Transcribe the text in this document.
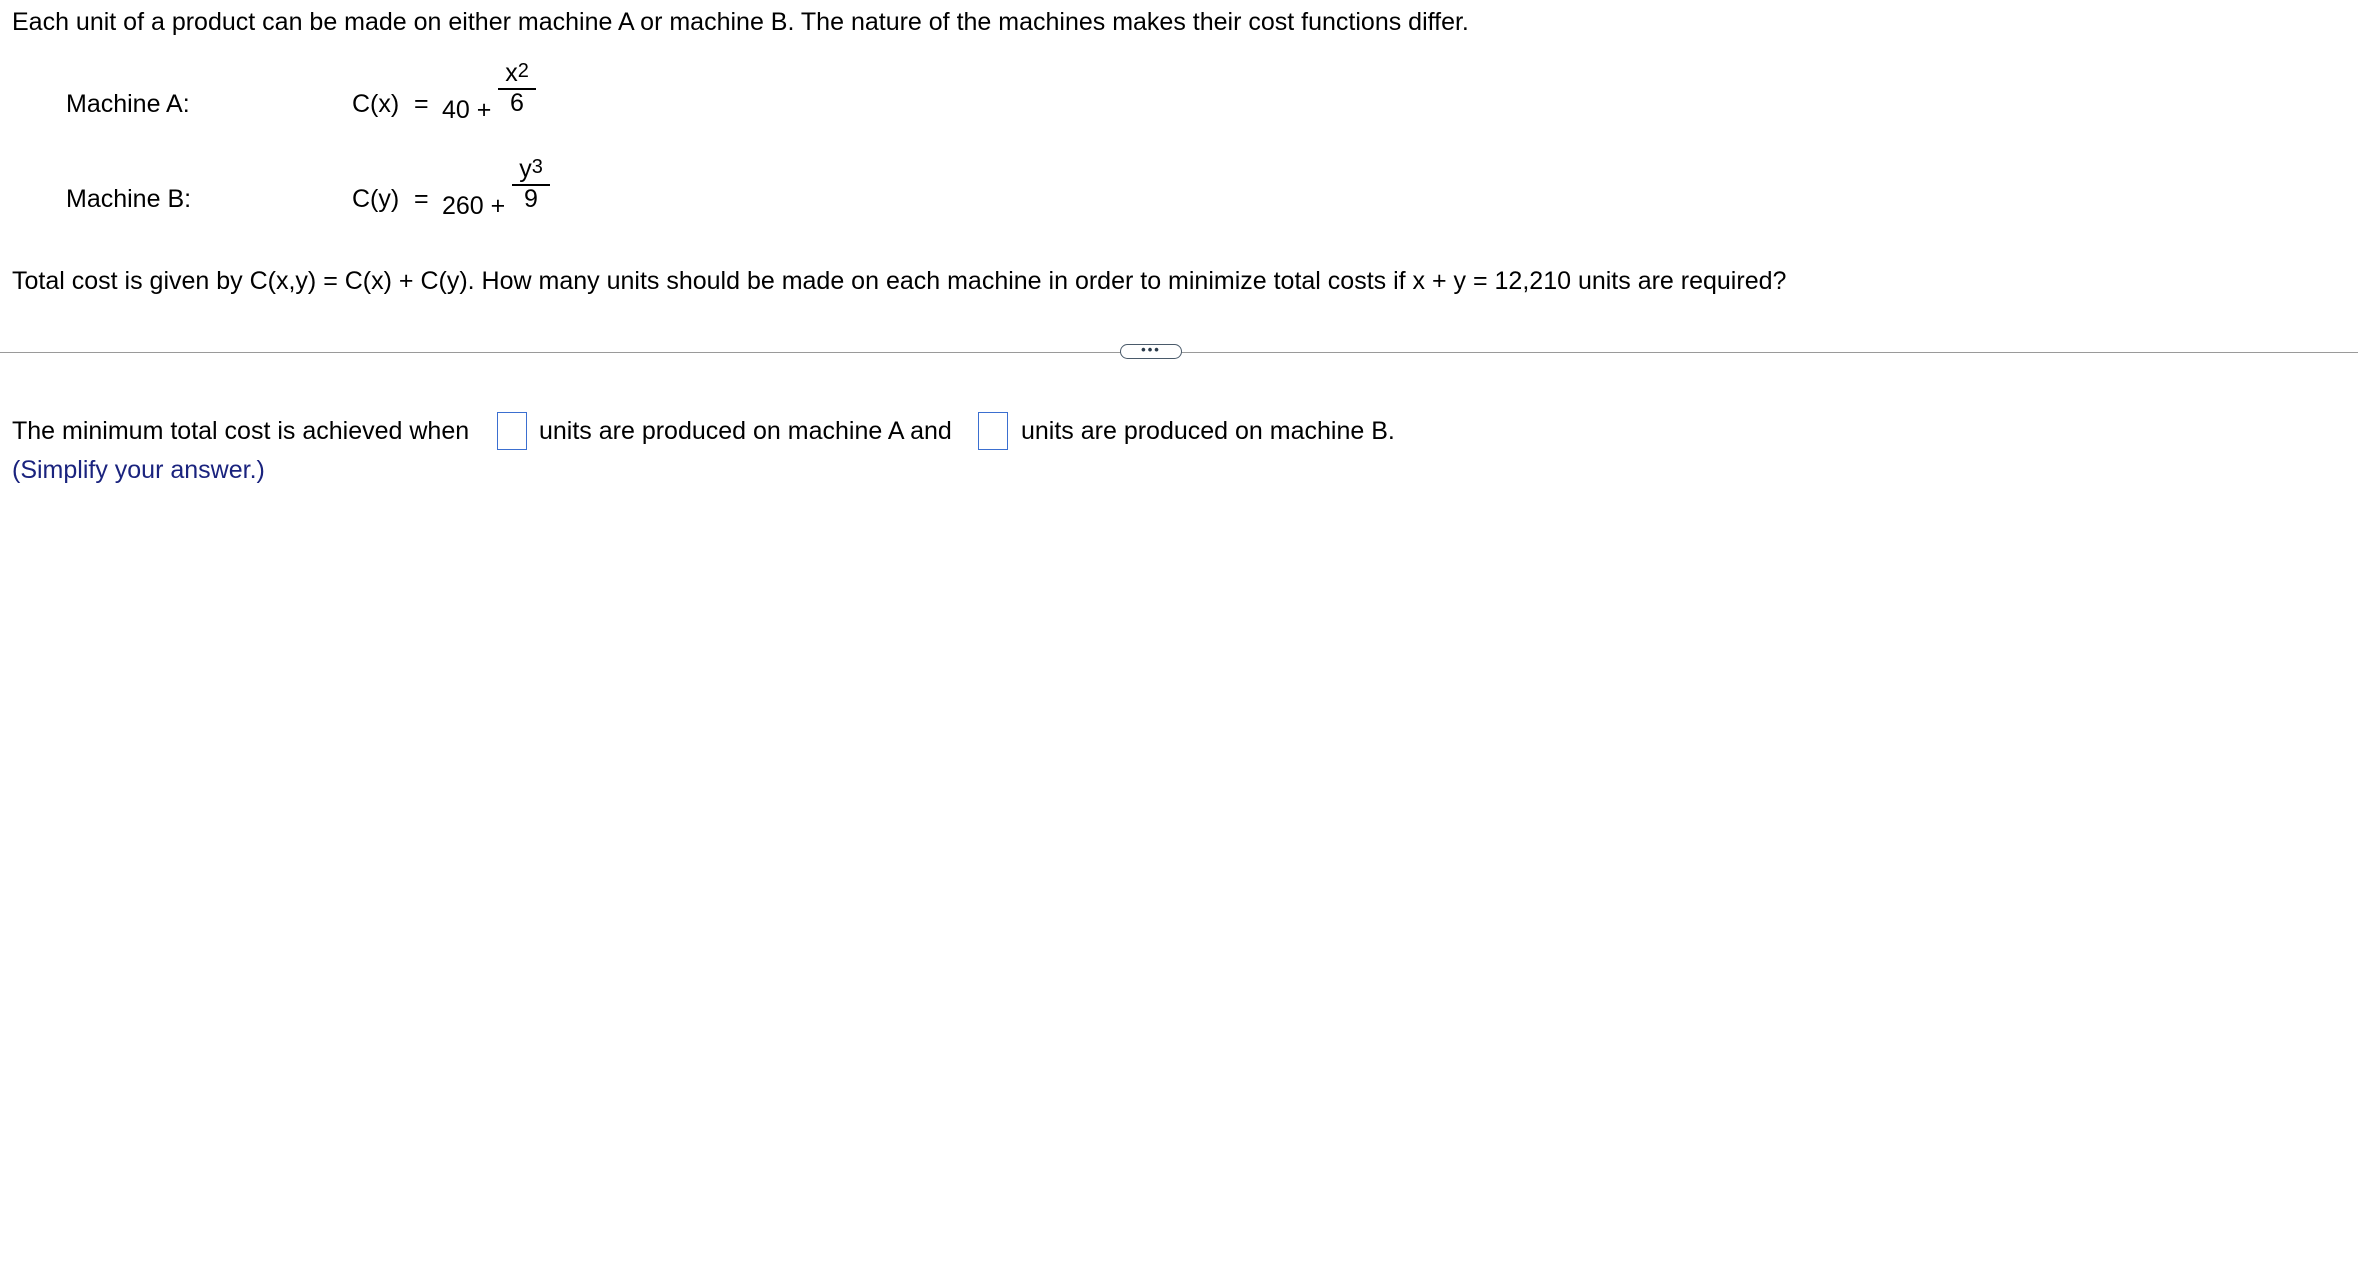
Each unit of a product can be made on either machine A or machine B. The nature of the machines makes their cost functions differ.
Machine A:	C(x) = 40 +
$x^2$
6
Machine B:	C(y) = 260 +
$y^3$
9
Total cost is given by C(x,y) = C(x) + C(y). How many units should be made on each machine in order to minimize total costs if x + y = 12,210 units are required?
•••
The minimum total cost is achieved when	units are produced on machine A and	units are produced on machine B.
(Simplify your answer.)
